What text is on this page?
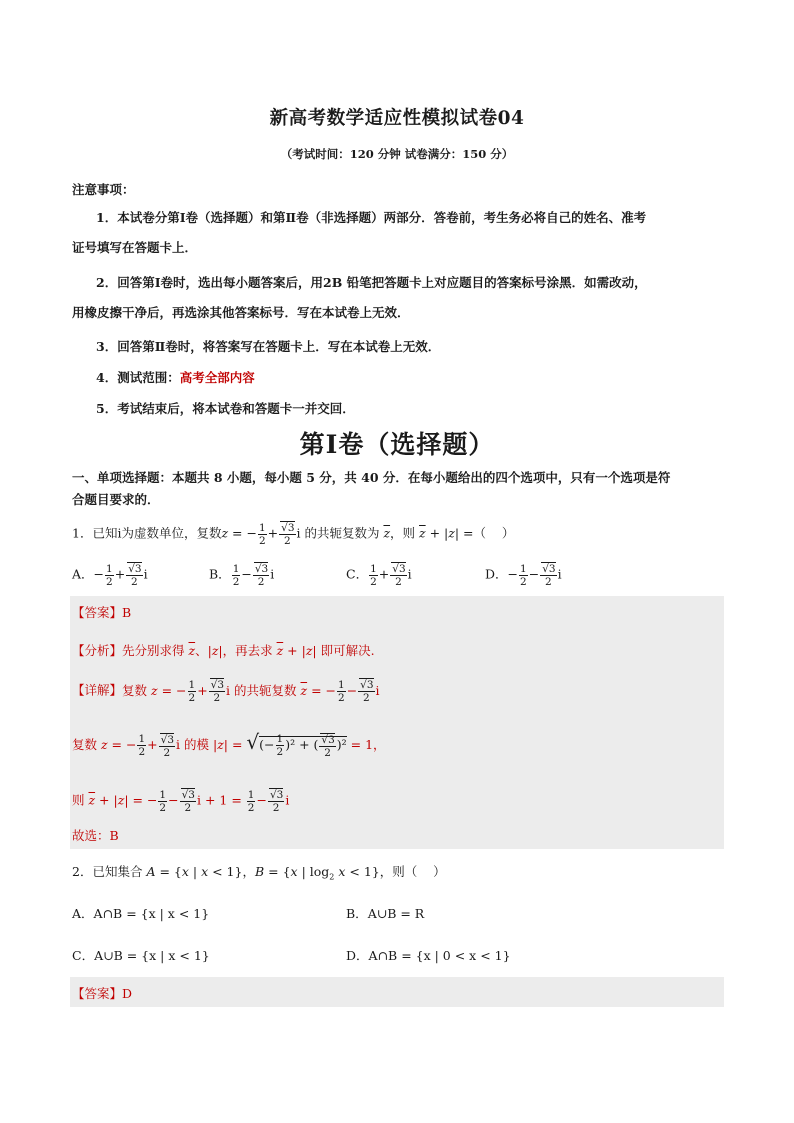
新高考数学适应性模拟试卷04
（考试时间：120 分钟 试卷满分：150 分）
注意事项：
1．本试卷分第Ⅰ卷（选择题）和第Ⅱ卷（非选择题）两部分．答卷前，考生务必将自己的姓名、准考
证号填写在答题卡上．
2．回答第Ⅰ卷时，选出每小题答案后，用2B 铅笔把答题卡上对应题目的答案标号涂黑．如需改动，
用橡皮擦干净后，再选涂其他答案标号．写在本试卷上无效．
3．回答第Ⅱ卷时，将答案写在答题卡上．写在本试卷上无效．
4．测试范围：高考全部内容
5．考试结束后，将本试卷和答题卡一并交回．
第Ⅰ卷（选择题）
一、单项选择题：本题共 8 小题，每小题 5 分，共 40 分．在每小题给出的四个选项中，只有一个选项是符
合题目要求的．
1．已知i为虚数单位，复数z = − $\frac{1}{2} + \frac{√3}{2}$ i 的共轭复数为 $\overline{z}$，则 $\overline{z} + |z|$ =（    ）
A．− $\frac{1}{2} + \frac{√3}{2}$ i	B． $\frac{1}{2} - \frac{√3}{2}$ i	C． $\frac{1}{2} + \frac{√3}{2}$ i	D．− $\frac{1}{2} - \frac{√3}{2}$ i
【答案】B
【分析】先分别求得 $\overline{z}$、|z|，再去求 $\overline{z} + |z|$ 即可解决.
【详解】复数 z = − $\frac{1}{2} + \frac{√3}{2}$ i 的共轭复数 $\overline{z}$ = − $\frac{1}{2} - \frac{√3}{2}$ i
复数 z = − $\frac{1}{2} + \frac{√3}{2}$ i 的模 |z| = √(− $\frac{1}{2} )^2$ + ( $\frac{√3}{2} )^2 = 1$，
则 $\overline{z} + |z|$ = − $\frac{1}{2} - \frac{√3}{2}$ $i + 1 = \frac{1}{2} - \frac{√3}{2}$ i
故选：B
2．已知集合 A = {x | x < 1}，B = {x | $\log_2 x < 1$}，则（    ）
A．A∩B = {x | x < 1}	B．A∪B = R
C．A∪B = {x | x < 1}	D．A∩B = {x | 0 < x < 1}
【答案】D
